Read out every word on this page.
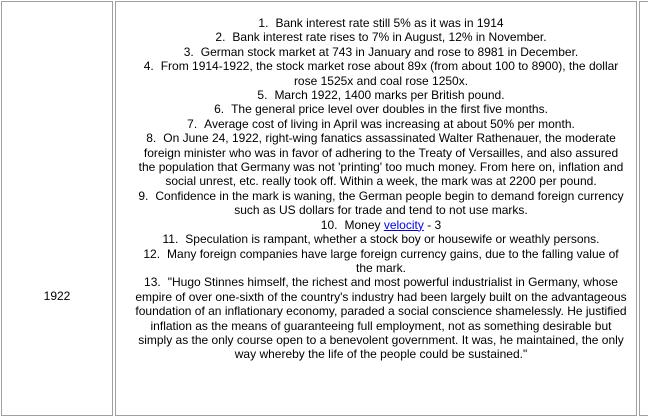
1922
1. Bank interest rate still 5% as it was in 1914
2. Bank interest rate rises to 7% in August, 12% in November.
3. German stock market at 743 in January and rose to 8981 in December.
4. From 1914-1922, the stock market rose about 89x (from about 100 to 8900), the dollar rose 1525x and coal rose 1250x.
5. March 1922, 1400 marks per British pound.
6. The general price level over doubles in the first five months.
7. Average cost of living in April was increasing at about 50% per month.
8. On June 24, 1922, right-wing fanatics assassinated Walter Rathenauer, the moderate foreign minister who was in favor of adhering to the Treaty of Versailles, and also assured the population that Germany was not 'printing' too much money. From here on, inflation and social unrest, etc. really took off. Within a week, the mark was at 2200 per pound.
9. Confidence in the mark is waning, the German people begin to demand foreign currency such as US dollars for trade and tend to not use marks.
10. Money velocity - 3
11. Speculation is rampant, whether a stock boy or housewife or weathly persons.
12. Many foreign companies have large foreign currency gains, due to the falling value of the mark.
13. "Hugo Stinnes himself, the richest and most powerful industrialist in Germany, whose empire of over one-sixth of the country's industry had been largely built on the advantageous foundation of an inflationary economy, paraded a social conscience shamelessly. He justified inflation as the means of guaranteeing full employment, not as something desirable but simply as the only course open to a benevolent government. It was, he maintained, the only way whereby the life of the people could be sustained."
